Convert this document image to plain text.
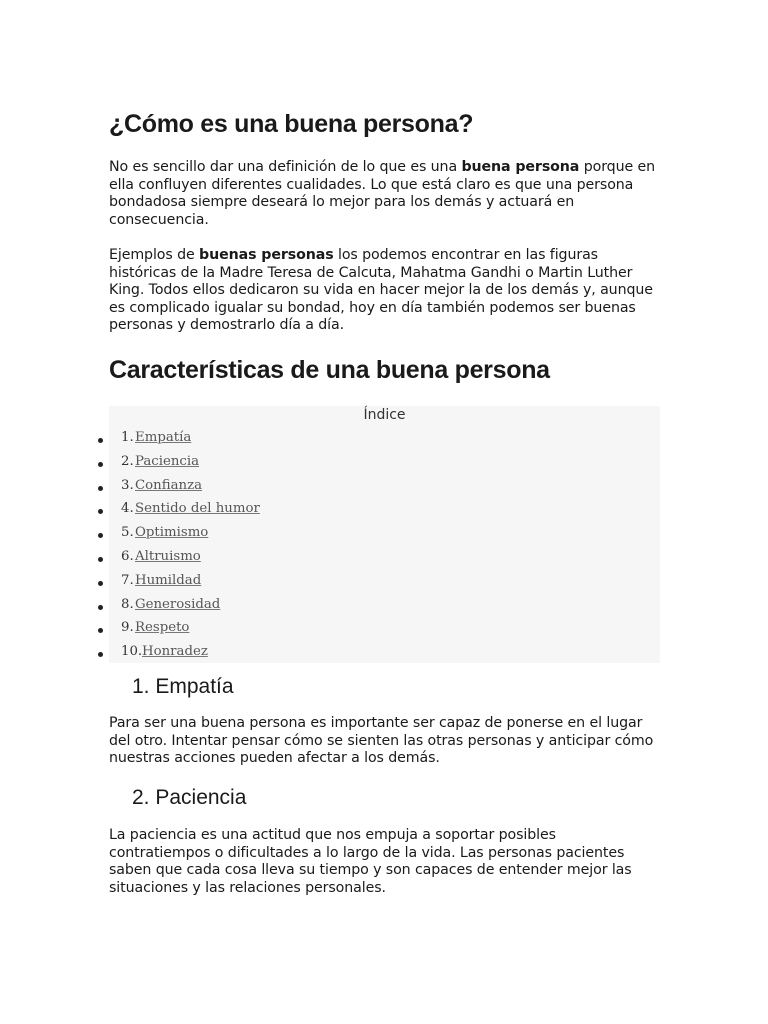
¿Cómo es una buena persona?

No es sencillo dar una definición de lo que es una buena persona porque en ella confluyen diferentes cualidades. Lo que está claro es que una persona bondadosa siempre deseará lo mejor para los demás y actuará en consecuencia.

Ejemplos de buenas personas los podemos encontrar en las figuras históricas de la Madre Teresa de Calcuta, Mahatma Gandhi o Martin Luther King. Todos ellos dedicaron su vida en hacer mejor la de los demás y, aunque es complicado igualar su bondad, hoy en día también podemos ser buenas personas y demostrarlo día a día.

Características de una buena persona
Índice
1. Empatía
2. Paciencia
3. Confianza
4. Sentido del humor
5. Optimismo
6. Altruismo
7. Humildad
8. Generosidad
9. Respeto
10. Honradez
1. Empatía

Para ser una buena persona es importante ser capaz de ponerse en el lugar del otro. Intentar pensar cómo se sienten las otras personas y anticipar cómo nuestras acciones pueden afectar a los demás.

2. Paciencia

La paciencia es una actitud que nos empuja a soportar posibles contratiempos o dificultades a lo largo de la vida. Las personas pacientes saben que cada cosa lleva su tiempo y son capaces de entender mejor las situaciones y las relaciones personales.
